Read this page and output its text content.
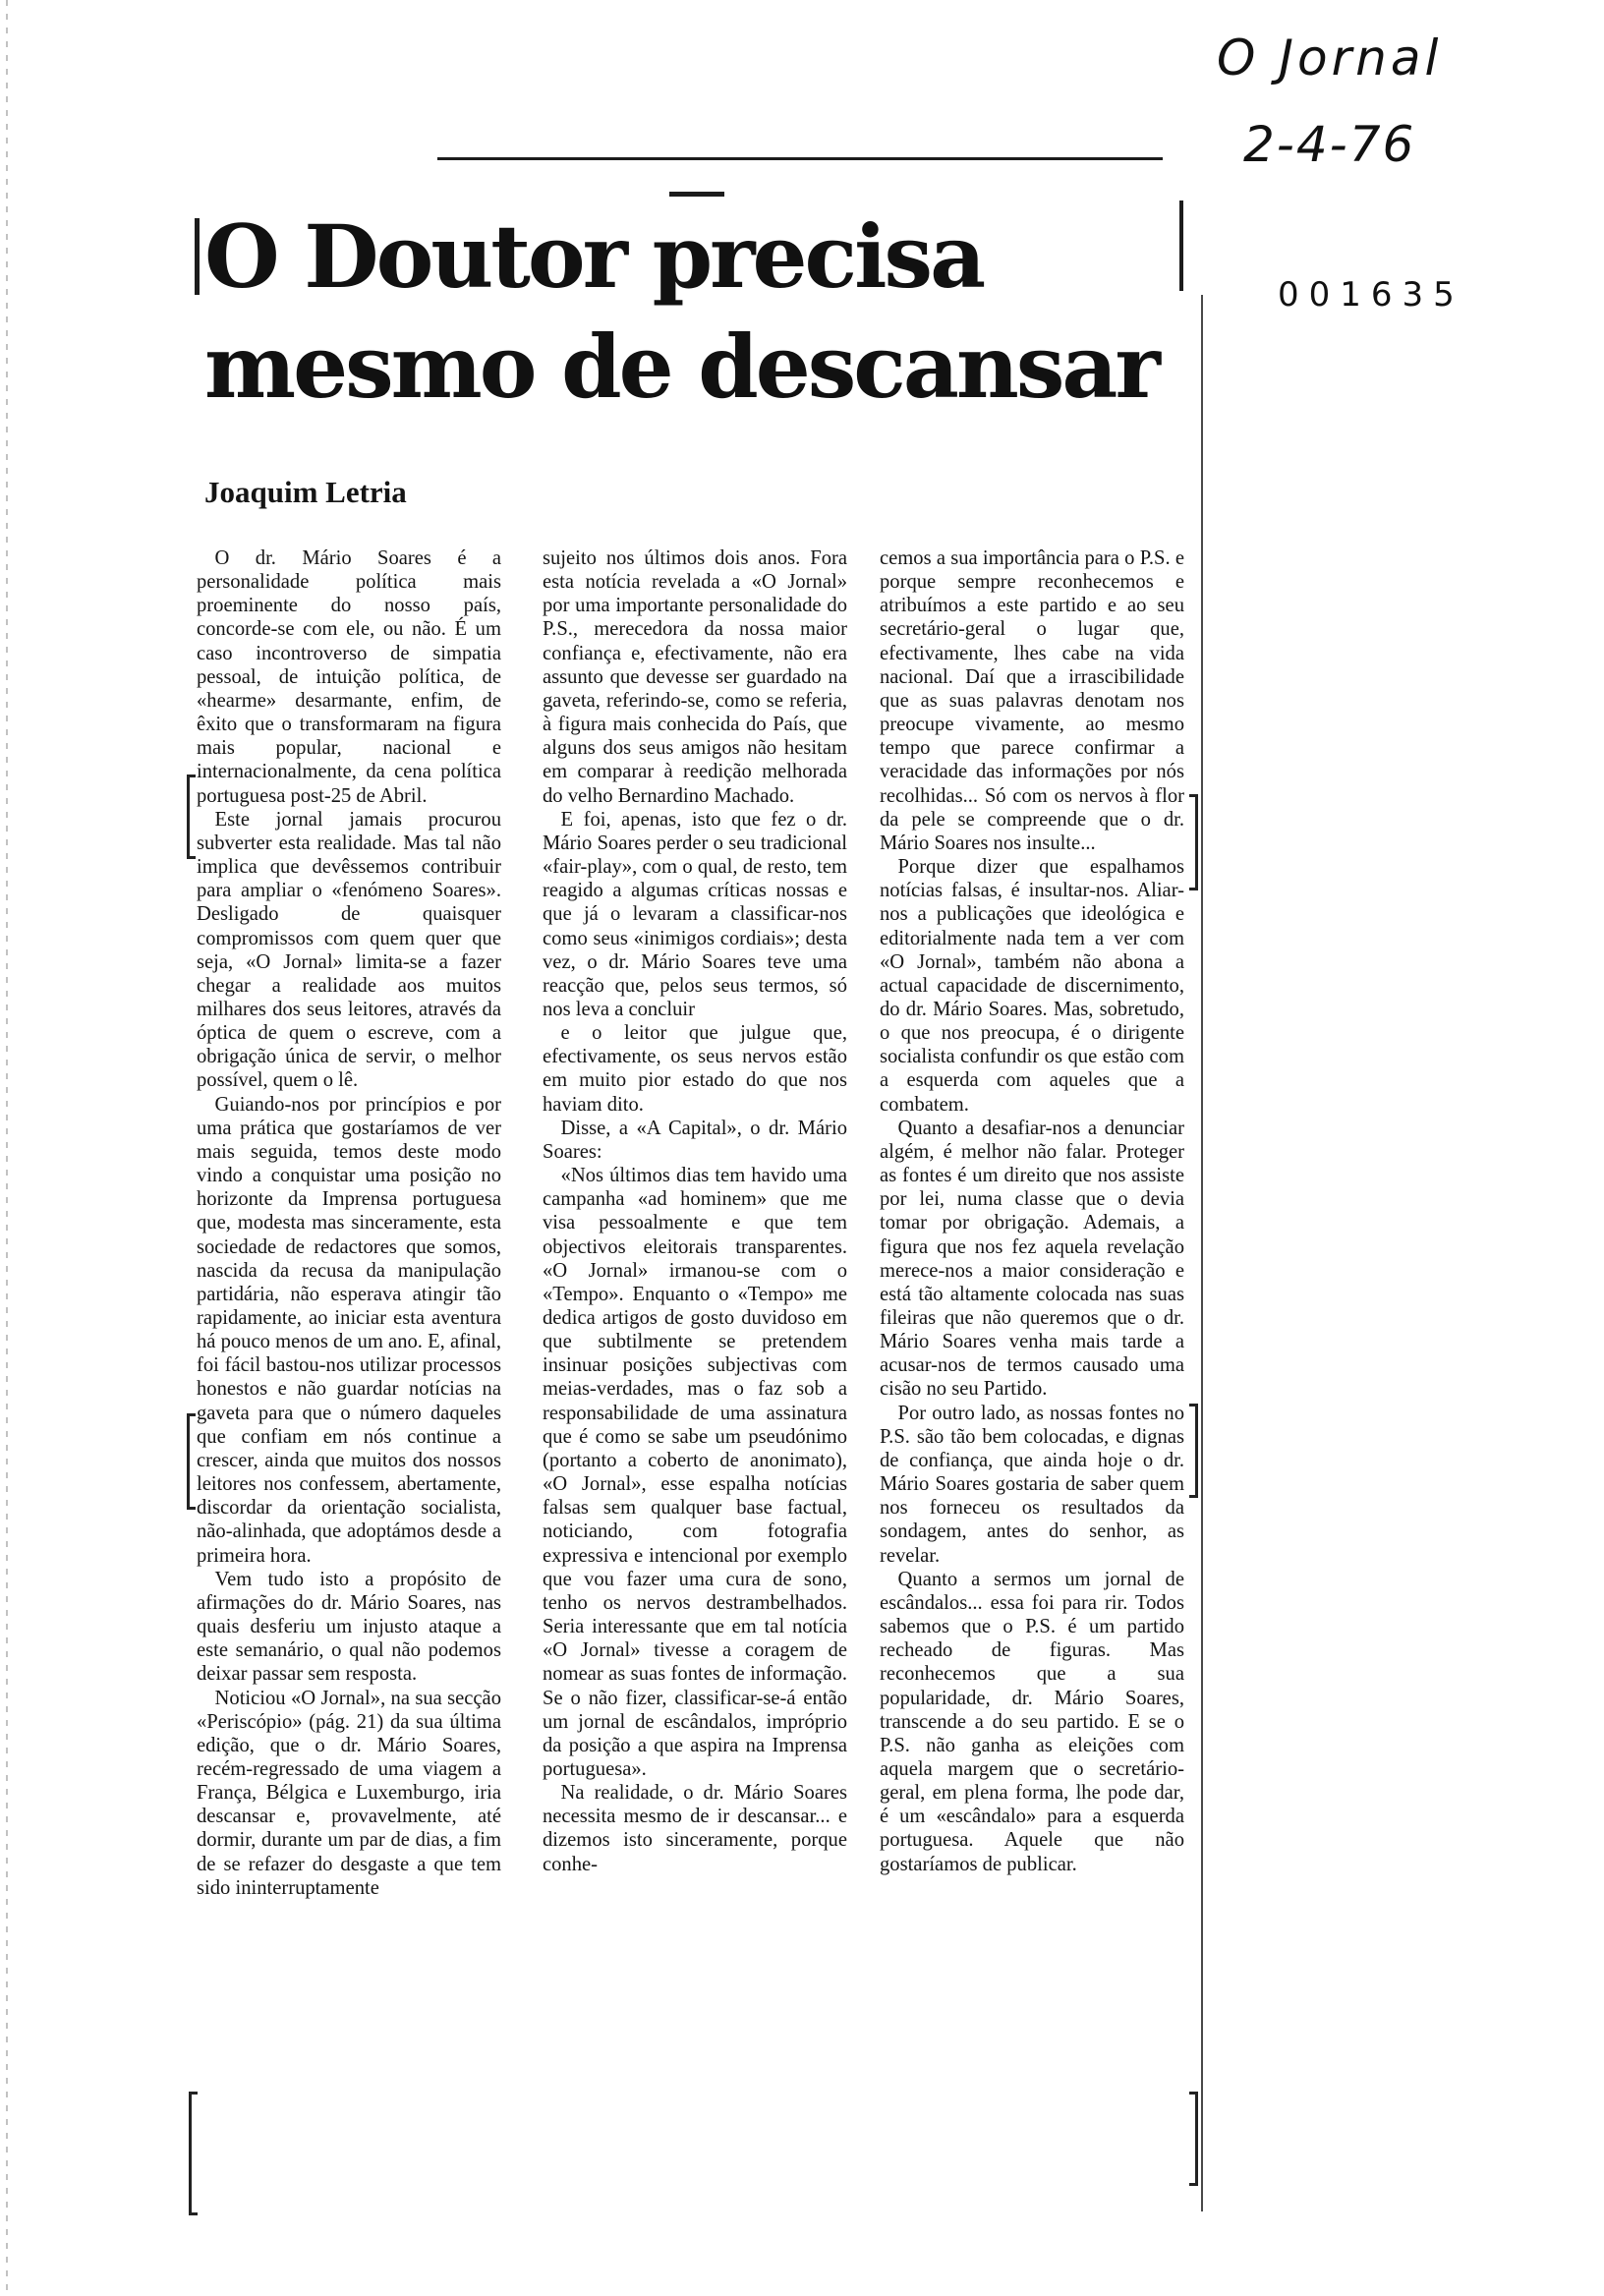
O Jornal
2-4-76
001635
O Doutor precisa
mesmo de descansar

Joaquim Letria

O dr. Mário Soares é a personalidade política mais proeminente do nosso país, concorde-se com ele, ou não. É um caso incontroverso de simpatia pessoal, de intuição política, de «hearme» desarmante, enfim, de êxito que o transformaram na figura mais popular, nacional e internacionalmente, da cena política portuguesa post-25 de Abril.

Este jornal jamais procurou subverter esta realidade. Mas tal não implica que devêssemos contribuir para ampliar o «fenómeno Soares». Desligado de quaisquer compromissos com quem quer que seja, «O Jornal» limita-se a fazer chegar a realidade aos muitos milhares dos seus leitores, através da óptica de quem o escreve, com a obrigação única de servir, o melhor possível, quem o lê.

Guiando-nos por princípios e por uma prática que gostaríamos de ver mais seguida, temos deste modo vindo a conquistar uma posição no horizonte da Imprensa portuguesa que, modesta mas sinceramente, esta sociedade de redactores que somos, nascida da recusa da manipulação partidária, não esperava atingir tão rapidamente, ao iniciar esta aventura há pouco menos de um ano. E, afinal, foi fácil bastou-nos utilizar processos honestos e não guardar notícias na gaveta para que o número daqueles que confiam em nós continue a crescer, ainda que muitos dos nossos leitores nos confessem, abertamente, discordar da orientação socialista, não-alinhada, que adoptámos desde a primeira hora.

Vem tudo isto a propósito de afirmações do dr. Mário Soares, nas quais desferiu um injusto ataque a este semanário, o qual não podemos deixar passar sem resposta.

Noticiou «O Jornal», na sua secção «Periscópio» (pág. 21) da sua última edição, que o dr. Mário Soares, recém-regressado de uma viagem a França, Bélgica e Luxemburgo, iria descansar e, provavelmente, até dormir, durante um par de dias, a fim de se refazer do desgaste a que tem sido ininterruptamente

sujeito nos últimos dois anos. Fora esta notícia revelada a «O Jornal» por uma importante personalidade do P.S., merecedora da nossa maior confiança e, efectivamente, não era assunto que devesse ser guardado na gaveta, referindo-se, como se referia, à figura mais conhecida do País, que alguns dos seus amigos não hesitam em comparar à reedição melhorada do velho Bernardino Machado.

E foi, apenas, isto que fez o dr. Mário Soares perder o seu tradicional «fair-play», com o qual, de resto, tem reagido a algumas críticas nossas e que já o levaram a classificar-nos como seus «inimigos cordiais»; desta vez, o dr. Mário Soares teve uma reacção que, pelos seus termos, só nos leva a concluir

e o leitor que julgue que, efectivamente, os seus nervos estão em muito pior estado do que nos haviam dito.

Disse, a «A Capital», o dr. Mário Soares:

«Nos últimos dias tem havido uma campanha «ad hominem» que me visa pessoalmente e que tem objectivos eleitorais transparentes. «O Jornal» irmanou-se com o «Tempo». Enquanto o «Tempo» me dedica artigos de gosto duvidoso em que subtilmente se pretendem insinuar posições subjectivas com meias-verdades, mas o faz sob a responsabilidade de uma assinatura que é como se sabe um pseudónimo (portanto a coberto de anonimato), «O Jornal», esse espalha notícias falsas sem qualquer base factual, noticiando, com fotografia expressiva e intencional por exemplo que vou fazer uma cura de sono, tenho os nervos destrambelhados. Seria interessante que em tal notícia «O Jornal» tivesse a coragem de nomear as suas fontes de informação. Se o não fizer, classificar-se-á então um jornal de escândalos, impróprio da posição a que aspira na Imprensa portuguesa».

Na realidade, o dr. Mário Soares necessita mesmo de ir descansar... e dizemos isto sinceramente, porque conhe-

cemos a sua importância para o P.S. e porque sempre reconhecemos e atribuímos a este partido e ao seu secretário-geral o lugar que, efectivamente, lhes cabe na vida nacional. Daí que a irrascibilidade que as suas palavras denotam nos preocupe vivamente, ao mesmo tempo que parece confirmar a veracidade das informações por nós recolhidas... Só com os nervos à flor da pele se compreende que o dr. Mário Soares nos insulte...

Porque dizer que espalhamos notícias falsas, é insultar-nos. Aliar-nos a publicações que ideológica e editorialmente nada tem a ver com «O Jornal», também não abona a actual capacidade de discernimento, do dr. Mário Soares. Mas, sobretudo, o que nos preocupa, é o dirigente socialista confundir os que estão com a esquerda com aqueles que a combatem.

Quanto a desafiar-nos a denunciar algém, é melhor não falar. Proteger as fontes é um direito que nos assiste por lei, numa classe que o devia tomar por obrigação. Ademais, a figura que nos fez aquela revelação merece-nos a maior consideração e está tão altamente colocada nas suas fileiras que não queremos que o dr. Mário Soares venha mais tarde a acusar-nos de termos causado uma cisão no seu Partido.

Por outro lado, as nossas fontes no P.S. são tão bem colocadas, e dignas de confiança, que ainda hoje o dr. Mário Soares gostaria de saber quem nos forneceu os resultados da sondagem, antes do senhor, as revelar.

Quanto a sermos um jornal de escândalos... essa foi para rir. Todos sabemos que o P.S. é um partido recheado de figuras. Mas reconhecemos que a sua popularidade, dr. Mário Soares, transcende a do seu partido. E se o P.S. não ganha as eleições com aquela margem que o secretário-geral, em plena forma, lhe pode dar, é um «escândalo» para a esquerda portuguesa. Aquele que não gostaríamos de publicar.
